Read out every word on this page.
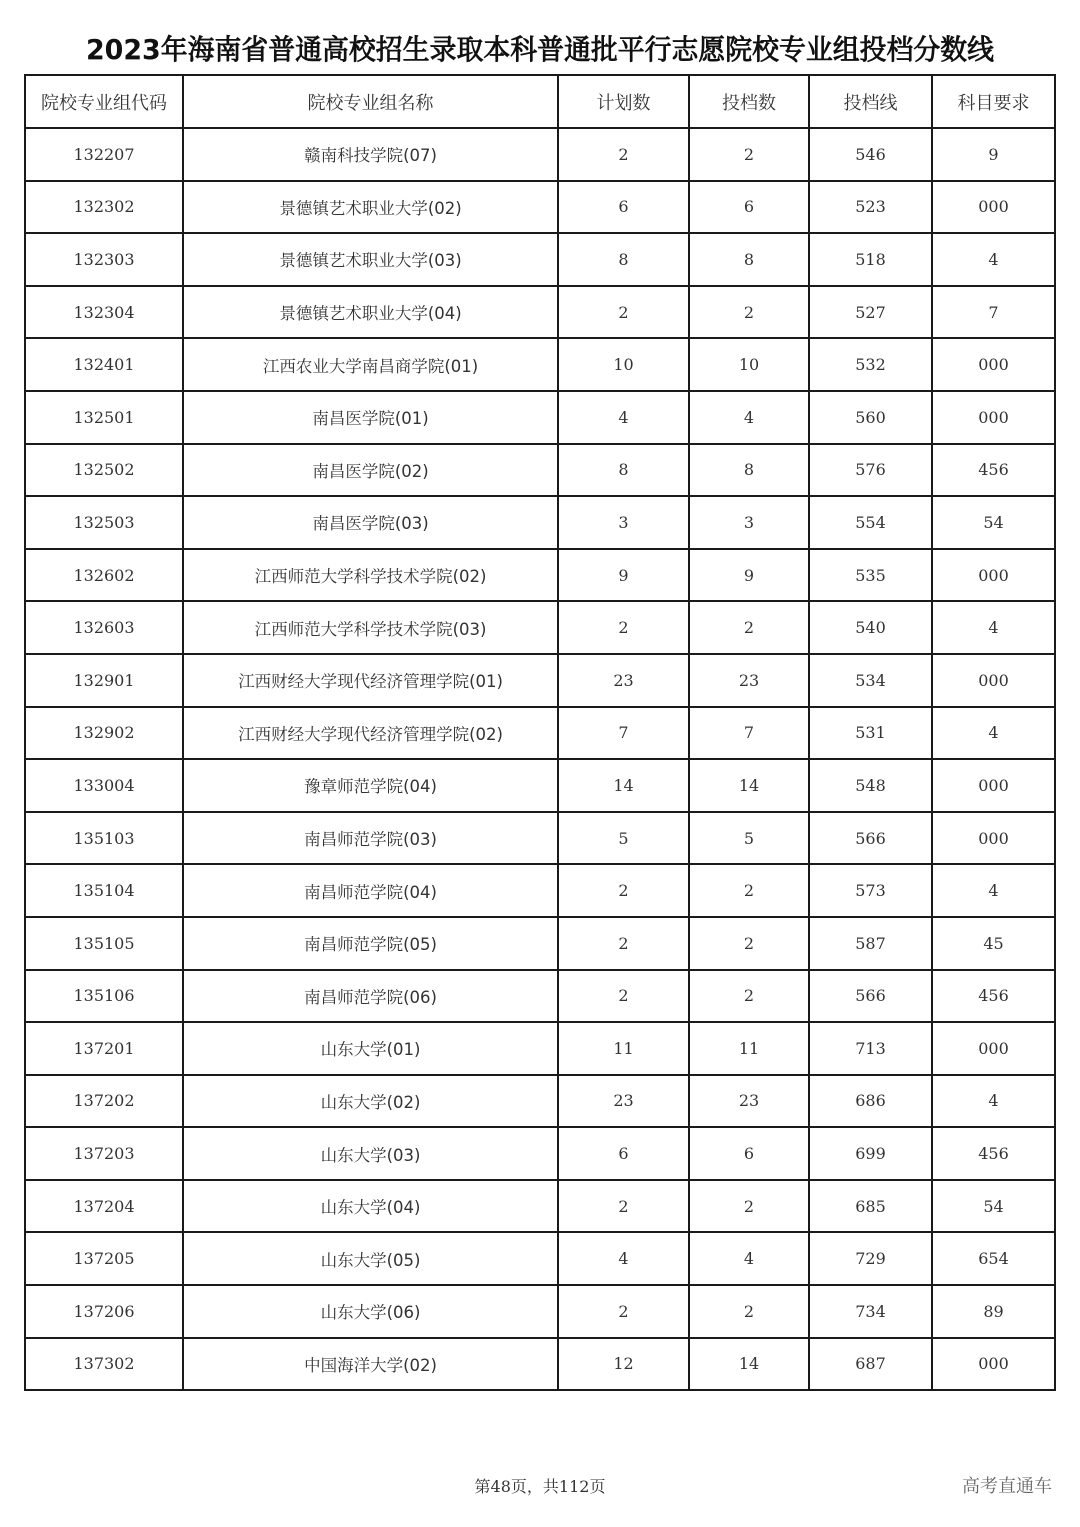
2023年海南省普通高校招生录取本科普通批平行志愿院校专业组投档分数线
院校专业组代码	院校专业组名称	计划数	投档数	投档线	科目要求
132207	赣南科技学院(07)	2	2	546	9
132302	景德镇艺术职业大学(02)	6	6	523	000
132303	景德镇艺术职业大学(03)	8	8	518	4
132304	景德镇艺术职业大学(04)	2	2	527	7
132401	江西农业大学南昌商学院(01)	10	10	532	000
132501	南昌医学院(01)	4	4	560	000
132502	南昌医学院(02)	8	8	576	456
132503	南昌医学院(03)	3	3	554	54
132602	江西师范大学科学技术学院(02)	9	9	535	000
132603	江西师范大学科学技术学院(03)	2	2	540	4
132901	江西财经大学现代经济管理学院(01)	23	23	534	000
132902	江西财经大学现代经济管理学院(02)	7	7	531	4
133004	豫章师范学院(04)	14	14	548	000
135103	南昌师范学院(03)	5	5	566	000
135104	南昌师范学院(04)	2	2	573	4
135105	南昌师范学院(05)	2	2	587	45
135106	南昌师范学院(06)	2	2	566	456
137201	山东大学(01)	11	11	713	000
137202	山东大学(02)	23	23	686	4
137203	山东大学(03)	6	6	699	456
137204	山东大学(04)	2	2	685	54
137205	山东大学(05)	4	4	729	654
137206	山东大学(06)	2	2	734	89
137302	中国海洋大学(02)	12	14	687	000
第48页，共112页	高考直通车
